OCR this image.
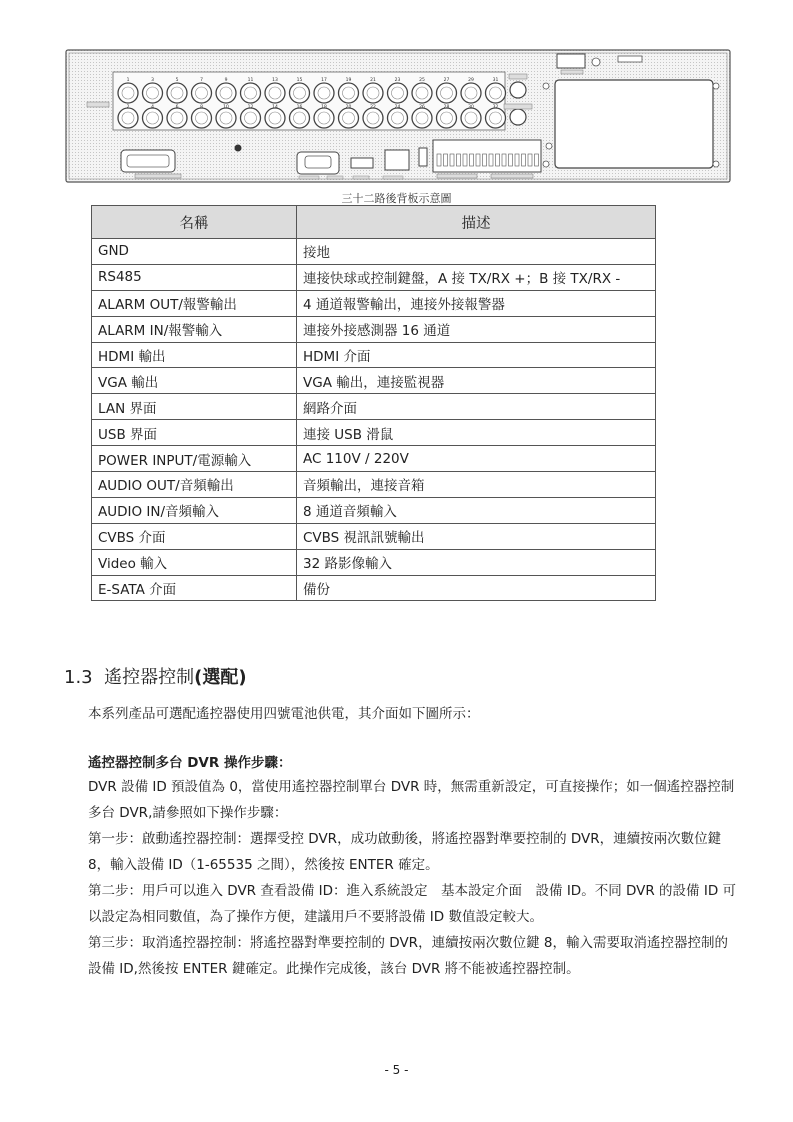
1	3	5	7	9	11	13	15	17	19	21	23	25	27	29	31
2	4	6	8	10	12	14	16	18	20	22	24	26	28	30	32
三十二路後背板示意圖
名稱	描述
GND	接地
RS485	連接快球或控制鍵盤，A 接 TX/RX +；B 接 TX/RX -
ALARM OUT/報警輸出	4 通道報警輸出，連接外接報警器
ALARM IN/報警輸入	連接外接感測器 16 通道
HDMI 輸出	HDMI 介面
VGA 輸出	VGA 輸出，連接監視器
LAN 界面	網路介面
USB 界面	連接 USB 滑鼠
POWER INPUT/電源輸入	AC 110V / 220V
AUDIO OUT/音頻輸出	音頻輸出，連接音箱
AUDIO IN/音頻輸入	8 通道音頻輸入
CVBS 介面	CVBS 視訊訊號輸出
Video 輸入	32 路影像輸入
E-SATA 介面	備份
1.3 遙控器控制(選配)
本系列產品可選配遙控器使用四號電池供電，其介面如下圖所示：
遙控器控制多台 DVR 操作步驟：
DVR 設備 ID 預設值為 0，當使用遙控器控制單台 DVR 時，無需重新設定，可直接操作；如一個遙控器控制多台 DVR,請參照如下操作步驟：
第一步：啟動遙控器控制：選擇受控 DVR，成功啟動後，將遙控器對準要控制的 DVR，連續按兩次數位鍵 8，輸入設備 ID（1-65535 之間），然後按 ENTER 確定。
第二步：用戶可以進入 DVR 查看設備 ID：進入系統設定　基本設定介面　設備 ID。不同 DVR 的設備 ID 可以設定為相同數值，為了操作方便，建議用戶不要將設備 ID 數值設定較大。
第三步：取消遙控器控制：將遙控器對準要控制的 DVR，連續按兩次數位鍵 8，輸入需要取消遙控器控制的設備 ID,然後按 ENTER 鍵確定。此操作完成後，該台 DVR 將不能被遙控器控制。
- 5 -
